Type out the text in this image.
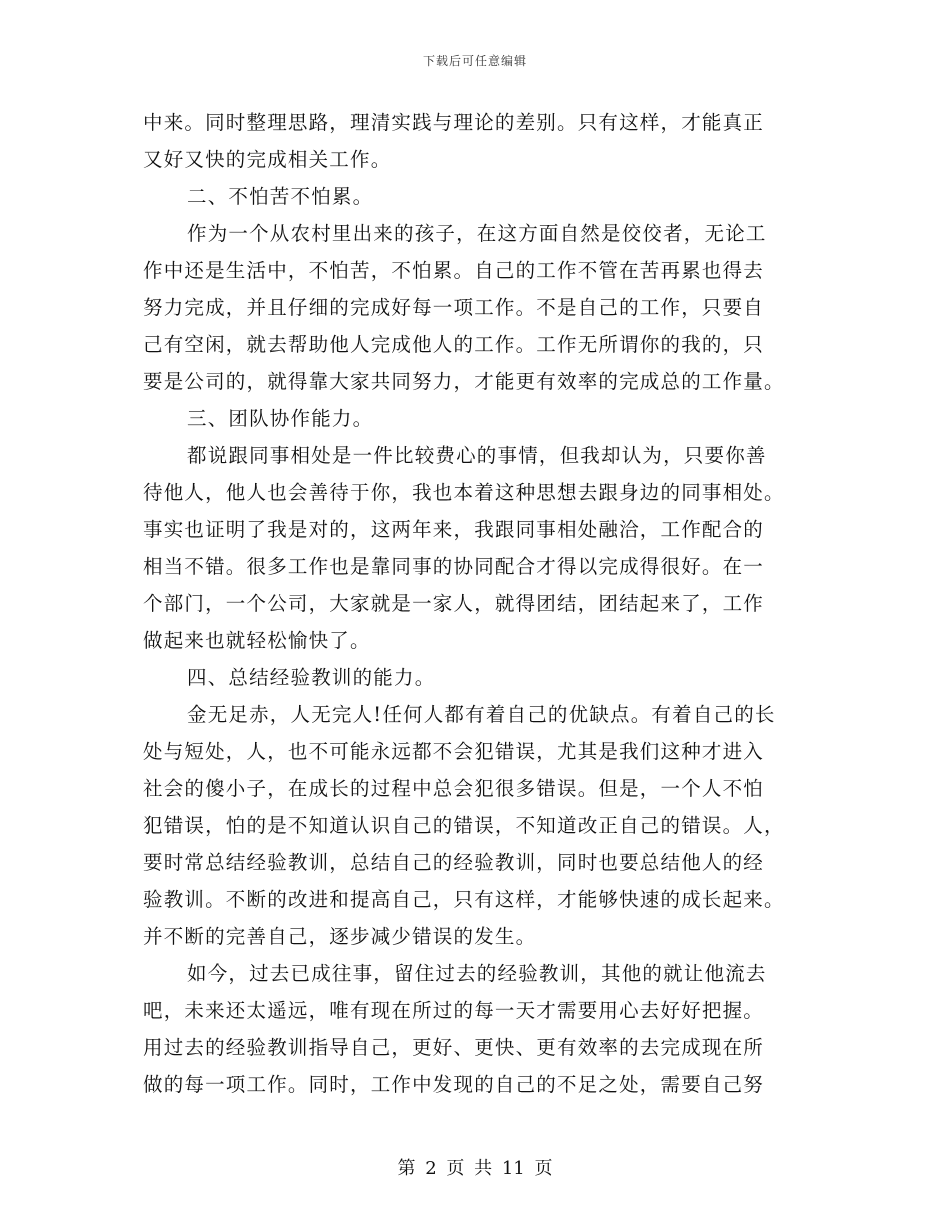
下载后可任意编辑
中来。同时整理思路，理清实践与理论的差别。只有这样，才能真正
又好又快的完成相关工作。
二、不怕苦不怕累。
作为一个从农村里出来的孩子，在这方面自然是佼佼者，无论工
作中还是生活中，不怕苦，不怕累。自己的工作不管在苦再累也得去
努力完成，并且仔细的完成好每一项工作。不是自己的工作，只要自
己有空闲，就去帮助他人完成他人的工作。工作无所谓你的我的，只
要是公司的，就得靠大家共同努力，才能更有效率的完成总的工作量。
三、团队协作能力。
都说跟同事相处是一件比较费心的事情，但我却认为，只要你善
待他人，他人也会善待于你，我也本着这种思想去跟身边的同事相处。
事实也证明了我是对的，这两年来，我跟同事相处融洽，工作配合的
相当不错。很多工作也是靠同事的协同配合才得以完成得很好。在一
个部门，一个公司，大家就是一家人，就得团结，团结起来了，工作
做起来也就轻松愉快了。
四、总结经验教训的能力。
金无足赤，人无完人!任何人都有着自己的优缺点。有着自己的长
处与短处，人，也不可能永远都不会犯错误，尤其是我们这种才进入
社会的傻小子，在成长的过程中总会犯很多错误。但是，一个人不怕
犯错误，怕的是不知道认识自己的错误，不知道改正自己的错误。人，
要时常总结经验教训，总结自己的经验教训，同时也要总结他人的经
验教训。不断的改进和提高自己，只有这样，才能够快速的成长起来。
并不断的完善自己，逐步减少错误的发生。
如今，过去已成往事，留住过去的经验教训，其他的就让他流去
吧，未来还太遥远，唯有现在所过的每一天才需要用心去好好把握。
用过去的经验教训指导自己，更好、更快、更有效率的去完成现在所
做的每一项工作。同时，工作中发现的自己的不足之处，需要自己努
第 2 页 共 11 页
